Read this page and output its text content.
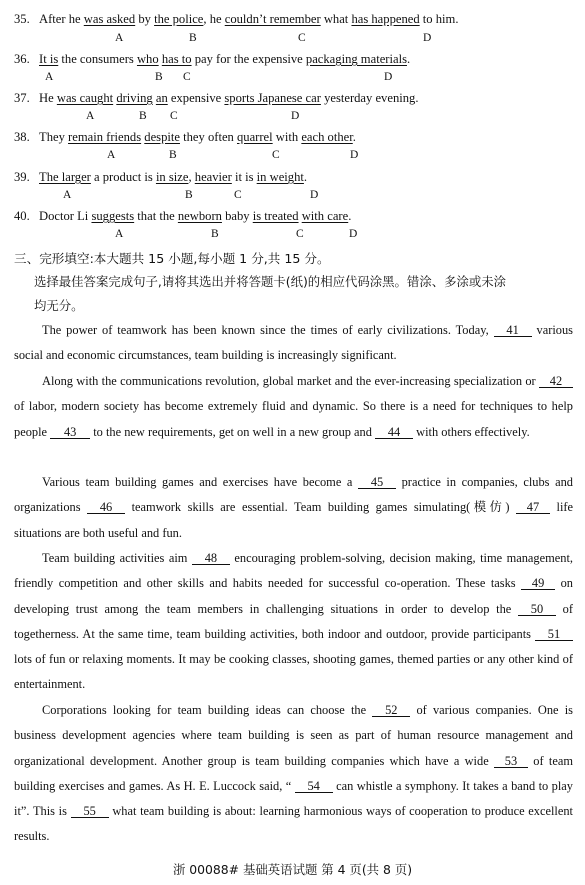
35. After he was asked by the police, he couldn’t remember what has happened to him.
A	B	C	D
36. It is the consumers who has to pay for the expensive packaging materials.
A	B C	D
37. He was caught driving an expensive sports Japanese car yesterday evening.
A	B C	D
38. They remain friends despite they often quarrel with each other.
A	B	C	D
39. The larger a product is in size, heavier it is in weight.
A	B	C	D
40. Doctor Li suggests that the newborn baby is treated with care.
A	B	C	D
三、完形填空:本大题共 15 小题,每小题 1 分,共 15 分。
选择最佳答案完成句子,请将其选出并将答题卡(纸)的相应代码涂黑。错涂、多涂或未涂
均无分。
The power of teamwork has been known since the times of early civilizations. Today, 41 various social and economic circumstances, team building is increasingly significant.
Along with the communications revolution, global market and the ever-increasing specialization or 42 of labor, modern society has become extremely fluid and dynamic. So there is a need for techniques to help people 43 to the new requirements, get on well in a new group and 44 with others effectively.
Various team building games and exercises have become a 45 practice in companies, clubs and organizations 46 teamwork skills are essential. Team building games simulating(模仿) 47 life situations are both useful and fun.
Team building activities aim 48 encouraging problem-solving, decision making, time management, friendly competition and other skills and habits needed for successful co-operation. These tasks 49 on developing trust among the team members in challenging situations in order to develop the 50 of togetherness. At the same time, team building activities, both indoor and outdoor, provide participants 51 lots of fun or relaxing moments. It may be cooking classes, shooting games, themed parties or any other kind of entertainment.
Corporations looking for team building ideas can choose the 52 of various companies. One is business development agencies where team building is seen as part of human resource management and organizational development. Another group is team building companies which have a wide 53 of team building exercises and games. As H. E. Luccock said, “ 54 can whistle a symphony. It takes a band to play it”. This is 55 what team building is about: learning harmonious ways of cooperation to produce excellent results.
浙 00088# 基础英语试题 第 4 页(共 8 页)
